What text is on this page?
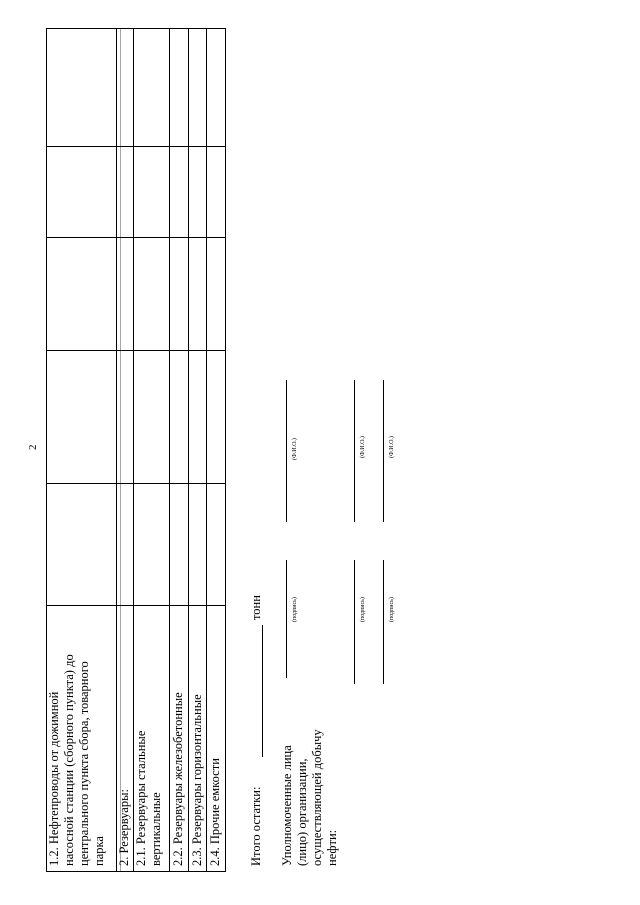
2
1.2. Нефтепроводы от дожимной насосной станции (сборного пункта) до центрального пункта сбора, товарного парка 2. Резервуары: 2.1. Резервуары стальные вертикальные 2.2. Резервуары железобетонные 2.3. Резервуары горизонтальные 2.4. Прочие емкости Итого остатки:
тонн
Уполномоченные лица (лицо) организации, осуществляющей добычу нефти:
(подпись)
(Ф.И.О.)
(подпись)
(Ф.И.О.)
(подпись)
(Ф.И.О.)
